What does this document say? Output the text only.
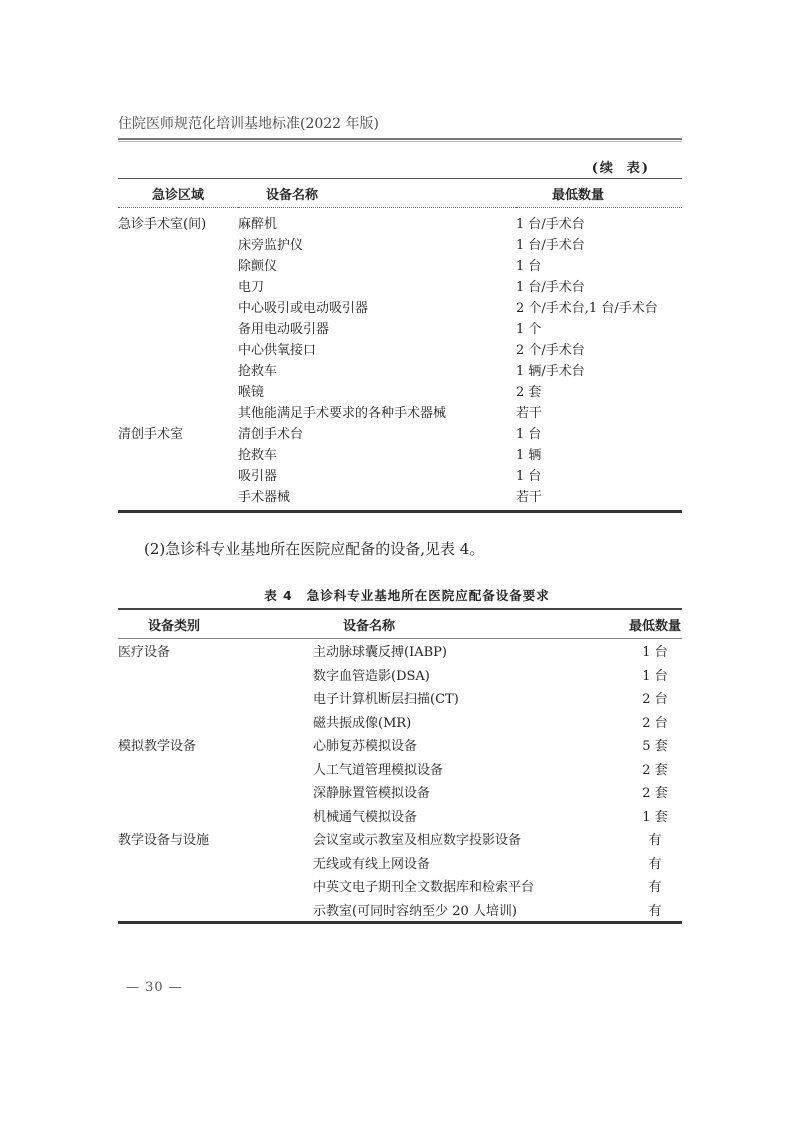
住院医师规范化培训基地标准(2022 年版)
(续 表)
急诊区域	设备名称	最低数量
急诊手术室(间)	麻醉机	1 台/手术台
	床旁监护仪	1 台/手术台
	除颤仪	1 台
	电刀	1 台/手术台
	中心吸引或电动吸引器	2 个/手术台,1 台/手术台
	备用电动吸引器	1 个
	中心供氧接口	2 个/手术台
	抢救车	1 辆/手术台
	喉镜	2 套
	其他能满足手术要求的各种手术器械	若干
清创手术室	清创手术台	1 台
	抢救车	1 辆
	吸引器	1 台
	手术器械	若干
(2)急诊科专业基地所在医院应配备的设备,见表 4。
表 4 急诊科专业基地所在医院应配备设备要求
设备类别	设备名称	最低数量
医疗设备	主动脉球囊反搏(IABP)	1 台
	数字血管造影(DSA)	1 台
	电子计算机断层扫描(CT)	2 台
	磁共振成像(MR)	2 台
模拟教学设备	心肺复苏模拟设备	5 套
	人工气道管理模拟设备	2 套
	深静脉置管模拟设备	2 套
	机械通气模拟设备	1 套
教学设备与设施	会议室或示教室及相应数字投影设备	有
	无线或有线上网设备	有
	中英文电子期刊全文数据库和检索平台	有
	示教室(可同时容纳至少 20 人培训)	有
— 30 —
